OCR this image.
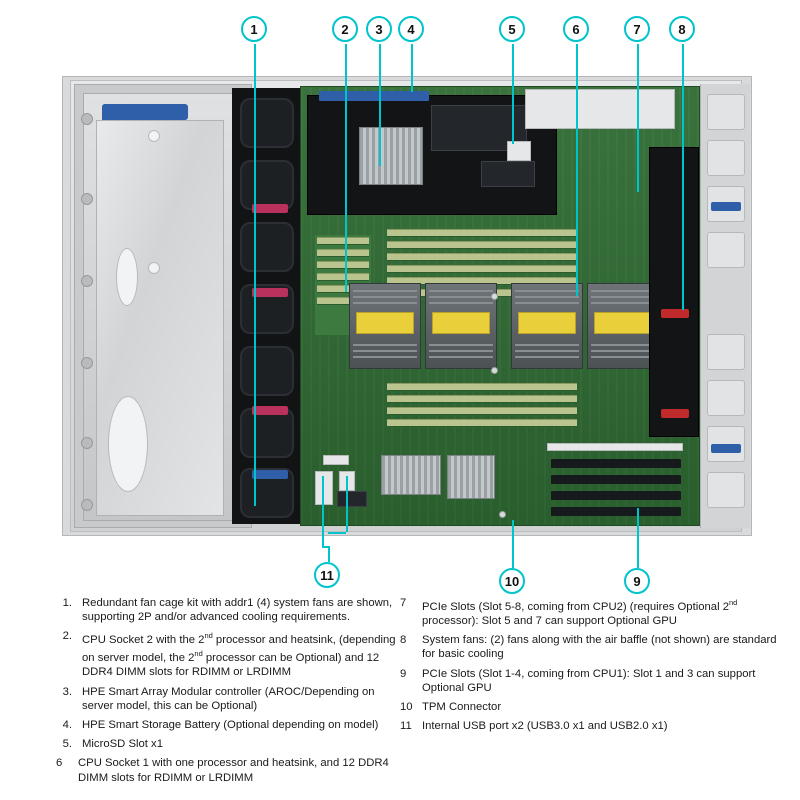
1	2	3	4	5	6	7	8
9
10
11
1. Redundant fan cage kit with addr1 (4) system fans are shown, supporting 2P and/or advanced cooling requirements.
2. CPU Socket 2 with the 2nd processor and heatsink, (depending on server model, the 2nd processor can be Optional) and 12 DDR4 DIMM slots for RDIMM or LRDIMM
3. HPE Smart Array Modular controller (AROC/Depending on server model, this can be Optional)
4. HPE Smart Storage Battery (Optional depending on model)
5. MicroSD Slot x1
6	CPU Socket 1 with one processor and heatsink, and 12 DDR4 DIMM slots for RDIMM or LRDIMM
7	PCIe Slots (Slot 5-8, coming from CPU2) (requires Optional 2nd processor): Slot 5 and 7 can support Optional GPU
8	System fans: (2) fans along with the air baffle (not shown) are standard for basic cooling
9	PCIe Slots (Slot 1-4, coming from CPU1): Slot 1 and 3 can support Optional GPU
10 TPM Connector
11 Internal USB port x2 (USB3.0 x1 and USB2.0 x1)
